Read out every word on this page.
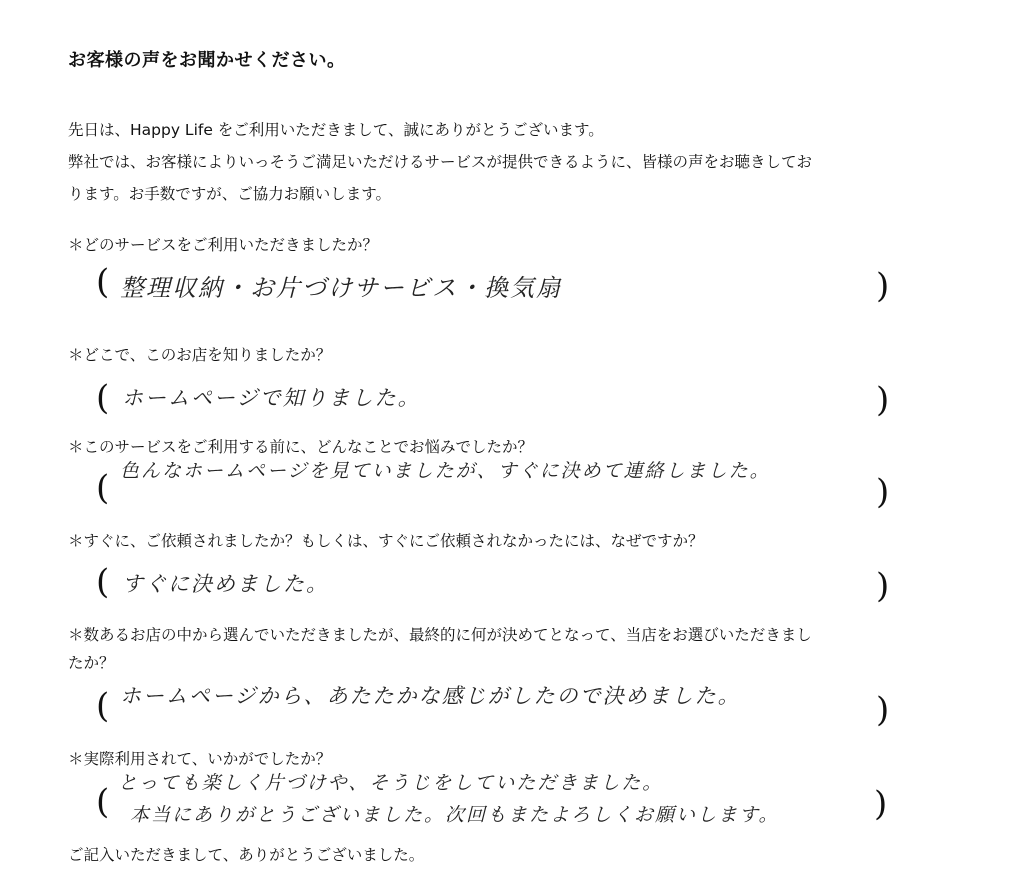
お客様の声をお聞かせください。
先日は、Happy Life をご利用いただきまして、誠にありがとうございます。
弊社では、お客様によりいっそうご満足いただけるサービスが提供できるように、皆様の声をお聴きしてお
ります。お手数ですが、ご協力お願いします。
＊どのサービスをご利用いただきましたか？
( 整理収納・お片づけサービス・換気扇	)
＊どこで、このお店を知りましたか？
( ホームページで知りました。	)
＊このサービスをご利用する前に、どんなことでお悩みでしたか？
( 色んなホームページを見ていましたが、すぐに決めて連絡しました。
)
＊すぐに、ご依頼されましたか？もしくは、すぐにご依頼されなかったには、なぜですか？
( すぐに決めました。	)
＊数あるお店の中から選んでいただきましたが、最終的に何が決めてとなって、当店をお選びいただきまし
たか？
( ホームページから、あたたかな感じがしたので決めました。	)
＊実際利用されて、いかがでしたか？
( とっても楽しく片づけや、そうじをしていただきました。
本当にありがとうございました。次回もまたよろしくお願いします。	)
ご記入いただきまして、ありがとうございました。
